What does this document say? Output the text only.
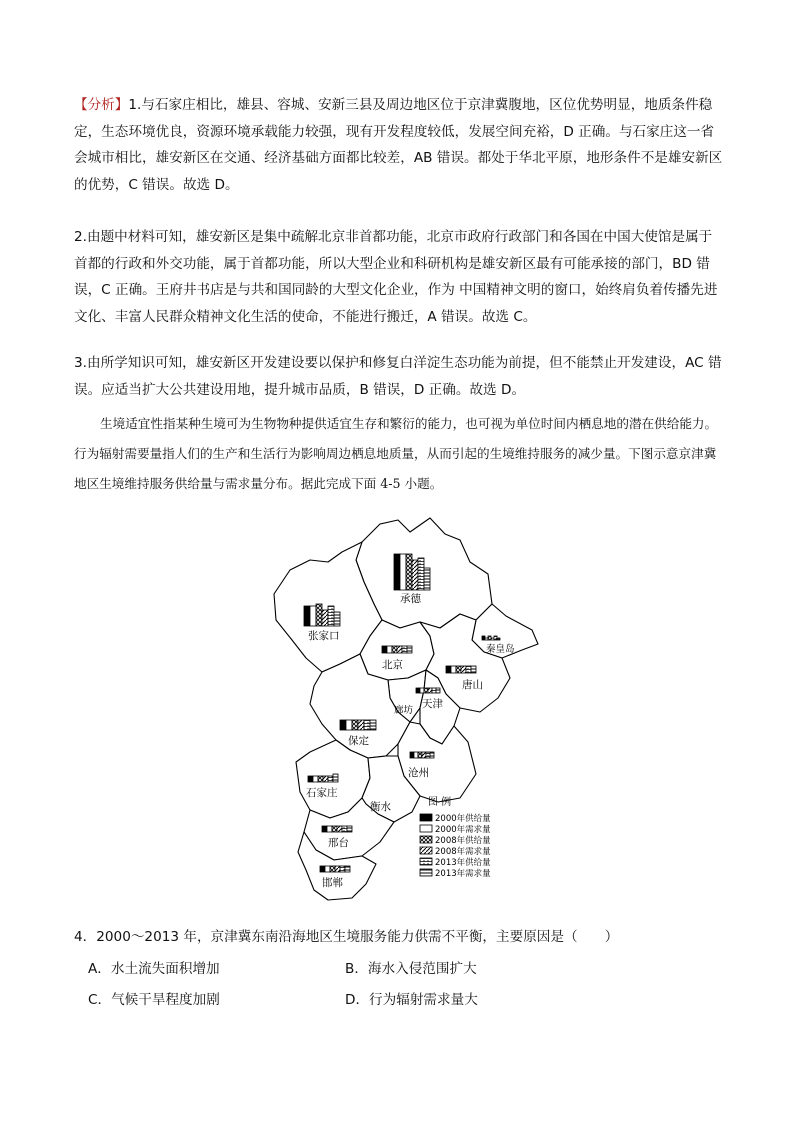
【分析】1.与石家庄相比，雄县、容城、安新三县及周边地区位于京津冀腹地，区位优势明显，地质条件稳定，生态环境优良，资源环境承载能力较强，现有开发程度较低，发展空间充裕，D 正确。与石家庄这一省会城市相比，雄安新区在交通、经济基础方面都比较差，AB 错误。都处于华北平原，地形条件不是雄安新区的优势，C 错误。故选 D。
2.由题中材料可知，雄安新区是集中疏解北京非首都功能，北京市政府行政部门和各国在中国大使馆是属于首都的行政和外交功能，属于首都功能，所以大型企业和科研机构是雄安新区最有可能承接的部门，BD 错误，C 正确。王府井书店是与共和国同龄的大型文化企业，作为 中国精神文明的窗口，始终肩负着传播先进文化、丰富人民群众精神文化生活的使命，不能进行搬迁，A 错误。故选 C。
3.由所学知识可知，雄安新区开发建设要以保护和修复白洋淀生态功能为前提，但不能禁止开发建设，AC 错误。应适当扩大公共建设用地，提升城市品质，B 错误，D 正确。故选 D。
生境适宜性指某种生境可为生物物种提供适宜生存和繁衍的能力，也可视为单位时间内栖息地的潜在供给能力。行为辐射需要量指人们的生产和生活行为影响周边栖息地质量，从而引起的生境维持服务的减少量。下图示意京津冀地区生境维持服务供给量与需求量分布。据此完成下面 4-5 小题。
承德
张家口
秦皇岛
北京
唐山
廊坊
天津
保定
沧州
石家庄
衡水
邢台
邯郸
图 例
2000年供给量
2000年需求量
2008年供给量
2008年需求量
2013年供给量
2013年需求量
4．2000～2013 年，京津冀东南沿海地区生境服务能力供需不平衡，主要原因是（　　）
A．水土流失面积增加	B．海水入侵范围扩大
C．气候干旱程度加剧	D．行为辐射需求量大
